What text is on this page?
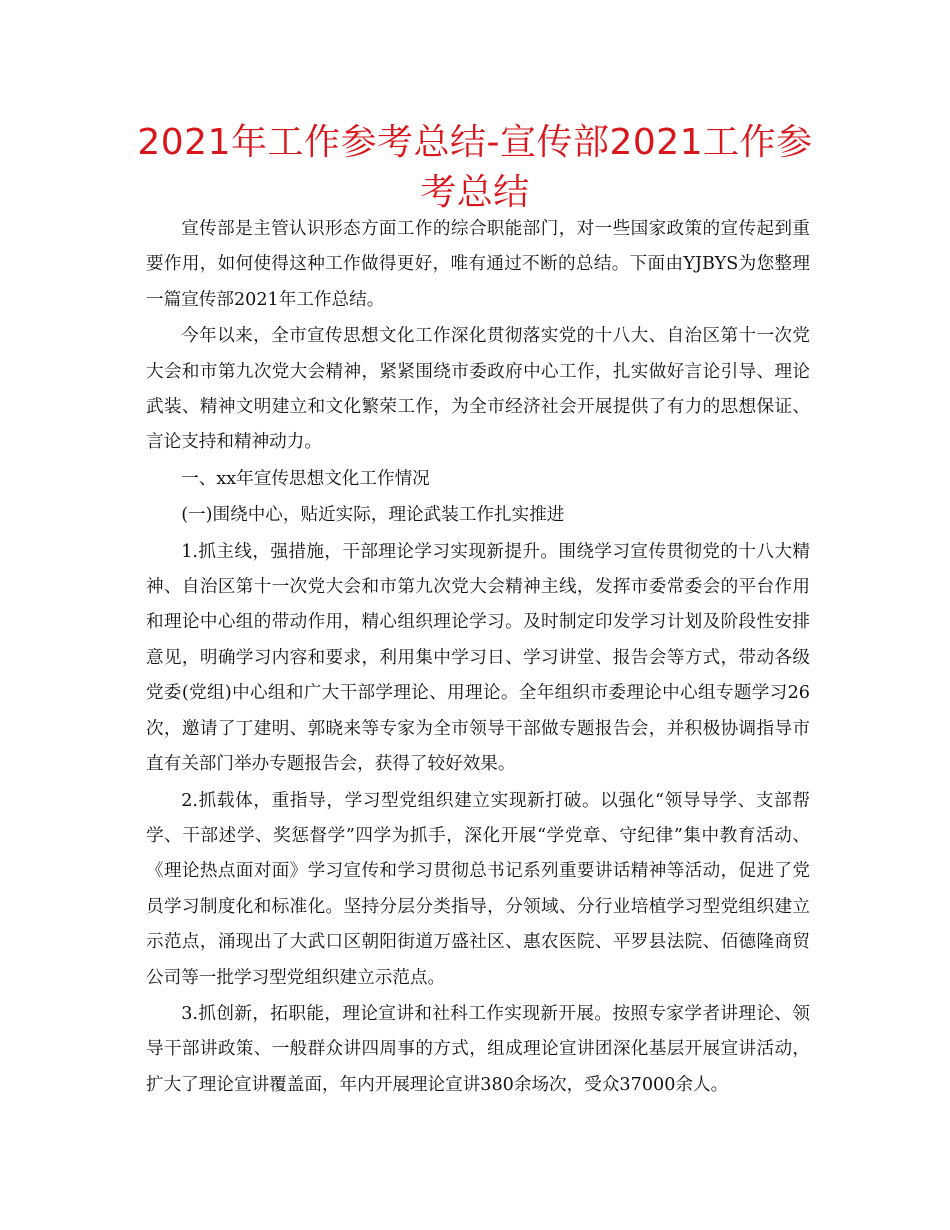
2021年工作参考总结-宣传部2021工作参考总结

宣传部是主管认识形态方面工作的综合职能部门，对一些国家政策的宣传起到重要作用，如何使得这种工作做得更好，唯有通过不断的总结。下面由YJBYS为您整理一篇宣传部2021年工作总结。

今年以来，全市宣传思想文化工作深化贯彻落实党的十八大、自治区第十一次党大会和市第九次党大会精神，紧紧围绕市委政府中心工作，扎实做好言论引导、理论武装、精神文明建立和文化繁荣工作，为全市经济社会开展提供了有力的思想保证、言论支持和精神动力。

一、xx年宣传思想文化工作情况

(一)围绕中心，贴近实际，理论武装工作扎实推进

1.抓主线，强措施，干部理论学习实现新提升。围绕学习宣传贯彻党的十八大精神、自治区第十一次党大会和市第九次党大会精神主线，发挥市委常委会的平台作用和理论中心组的带动作用，精心组织理论学习。及时制定印发学习计划及阶段性安排意见，明确学习内容和要求，利用集中学习日、学习讲堂、报告会等方式，带动各级党委(党组)中心组和广大干部学理论、用理论。全年组织市委理论中心组专题学习26次，邀请了丁建明、郭晓来等专家为全市领导干部做专题报告会，并积极协调指导市直有关部门举办专题报告会，获得了较好效果。

2.抓载体，重指导，学习型党组织建立实现新打破。以强化“领导导学、支部帮学、干部述学、奖惩督学”四学为抓手，深化开展“学党章、守纪律”集中教育活动、《理论热点面对面》学习宣传和学习贯彻总书记系列重要讲话精神等活动，促进了党员学习制度化和标准化。坚持分层分类指导，分领域、分行业培植学习型党组织建立示范点，涌现出了大武口区朝阳街道万盛社区、惠农医院、平罗县法院、佰德隆商贸公司等一批学习型党组织建立示范点。

3.抓创新，拓职能，理论宣讲和社科工作实现新开展。按照专家学者讲理论、领导干部讲政策、一般群众讲四周事的方式，组成理论宣讲团深化基层开展宣讲活动，扩大了理论宣讲覆盖面，年内开展理论宣讲380余场次，受众37000余人。
